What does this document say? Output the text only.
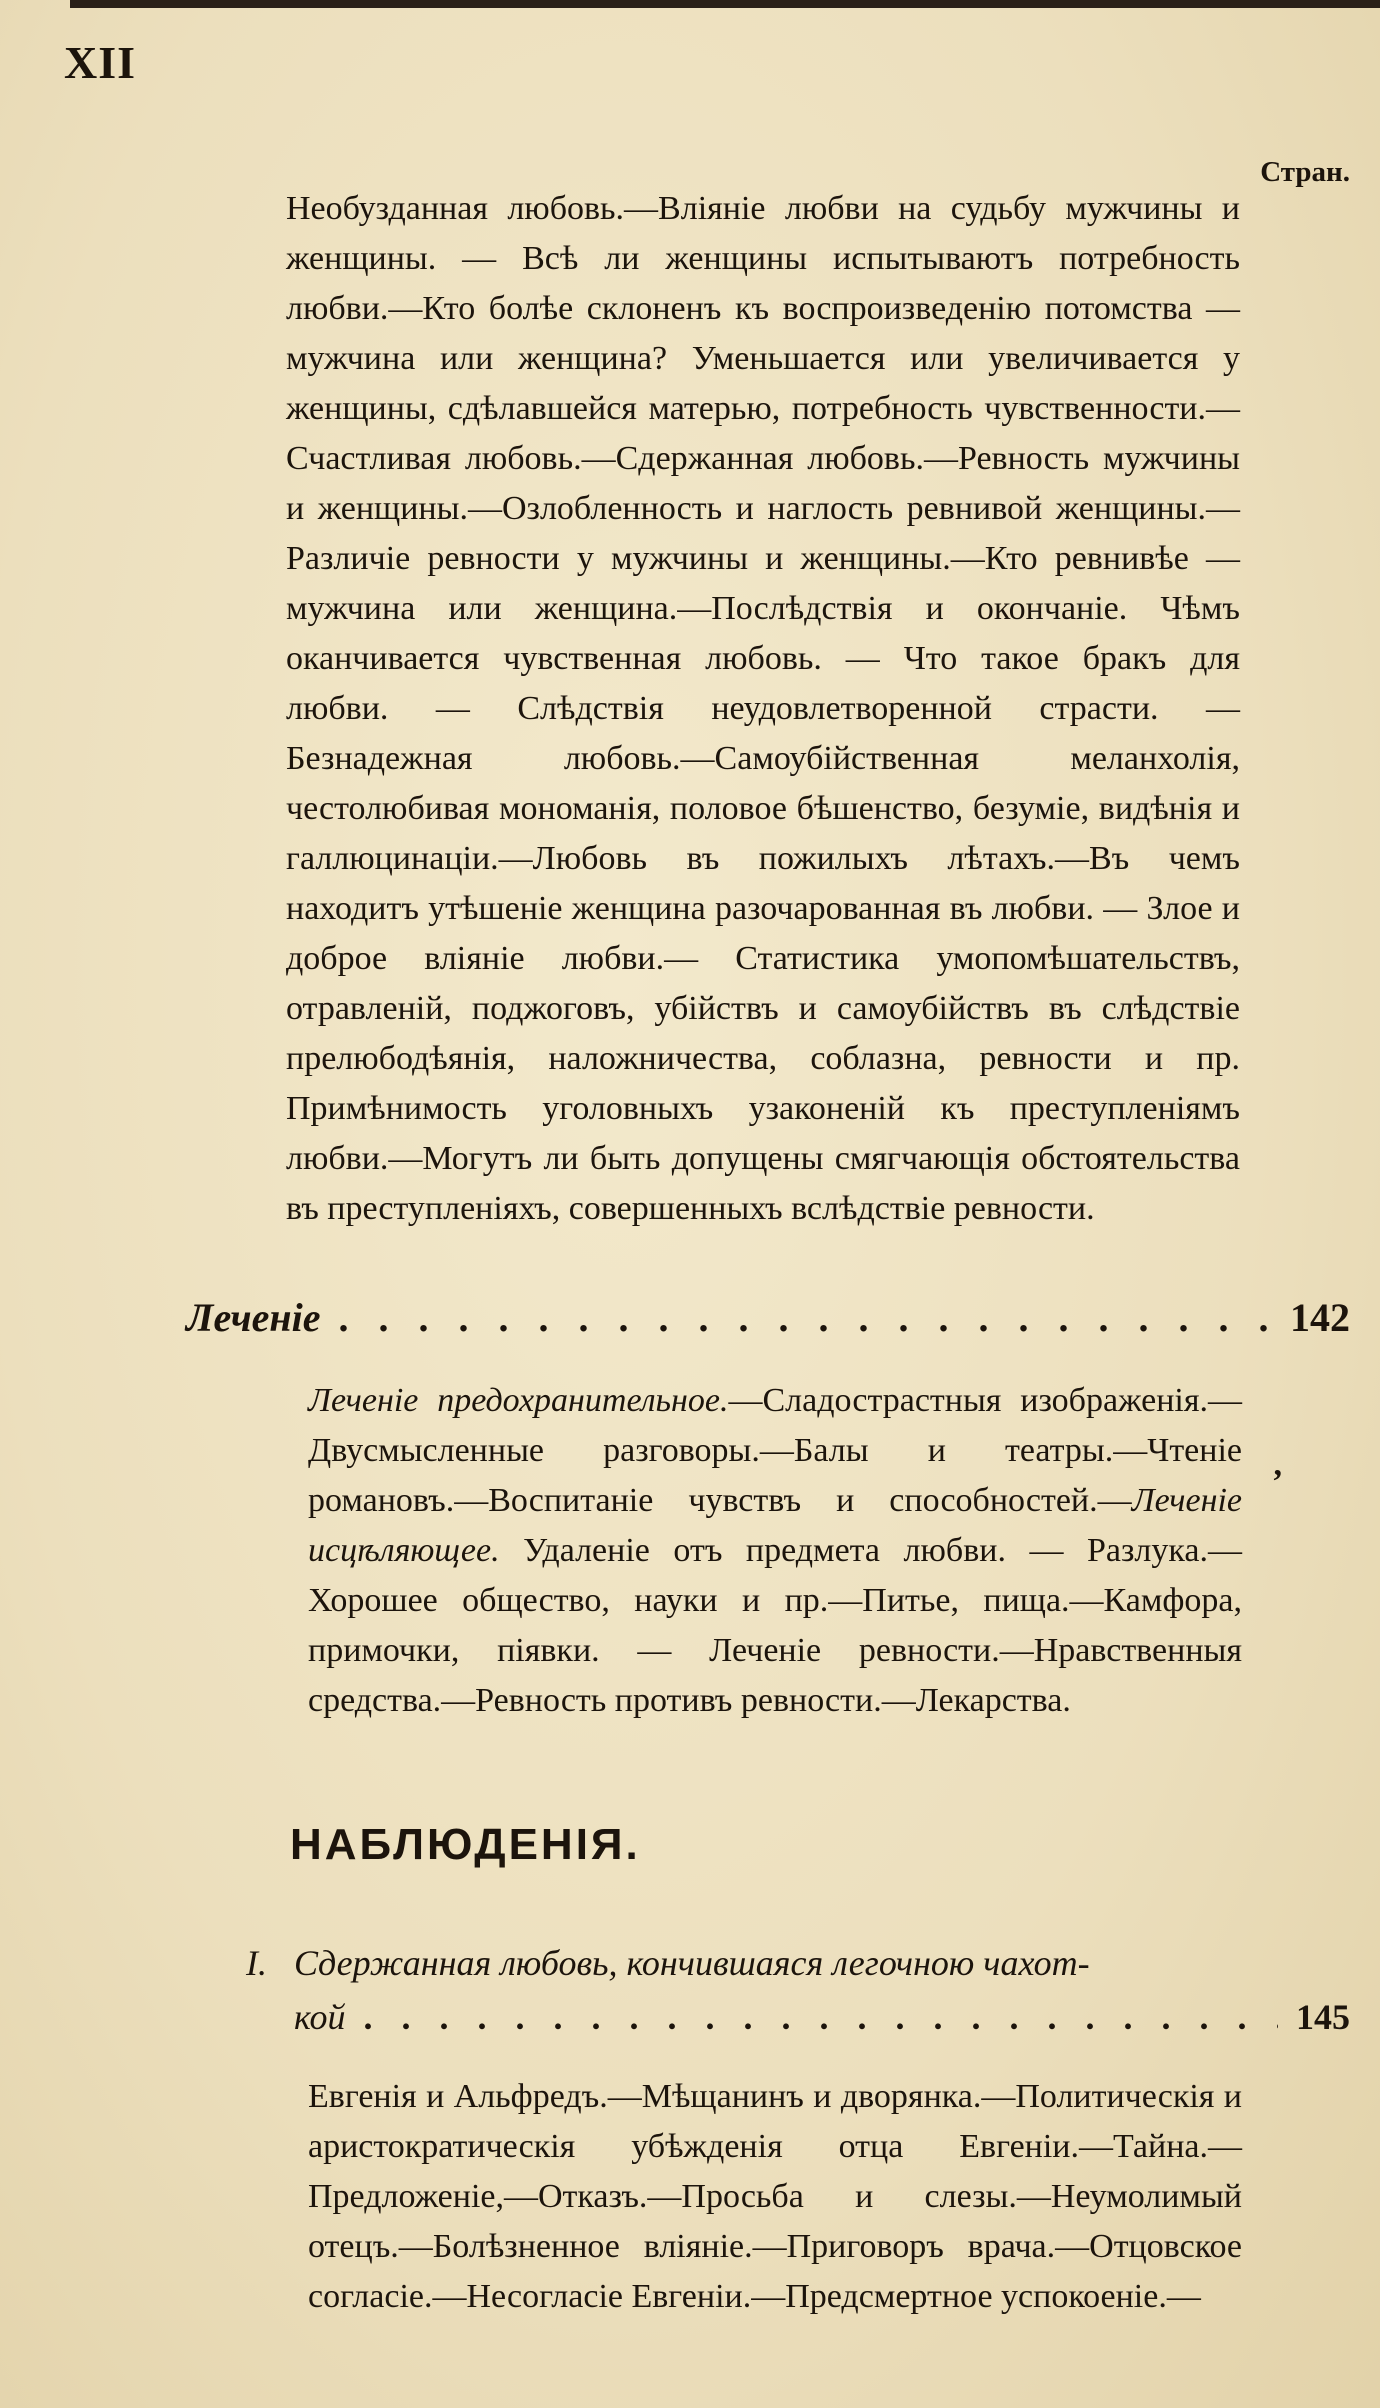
XII
Стран.

Необузданная любовь.—Вліяніе любви на судьбу мужчины и женщины. — Всѣ ли женщины испытываютъ потребность любви.—Кто болѣе склоненъ къ воспроизведенію потомства — мужчина или женщина? Уменьшается или увеличивается у женщины, сдѣлавшейся матерью, потребность чувственности.—Счастливая любовь.—Сдержанная любовь.—Ревность мужчины и женщины.—Озлобленность и наглость ревнивой женщины.—Различіе ревности у мужчины и женщины.—Кто ревнивѣе — мужчина или женщина.—Послѣдствія и окончаніе. Чѣмъ оканчивается чувственная любовь. — Что такое бракъ для любви. — Слѣдствія неудовлетворенной страсти. — Безнадежная любовь.—Самоубійственная меланхолія, честолюбивая мономанія, половое бѣшенство, безуміе, видѣнія и галлюцинаціи.—Любовь въ пожилыхъ лѣтахъ.—Въ чемъ находитъ утѣшеніе женщина разочарованная въ любви. — Злое и доброе вліяніе любви.— Статистика умопомѣшательствъ, отравленій, поджоговъ, убійствъ и самоубійствъ въ слѣдствіе прелюбодѣянія, наложничества, соблазна, ревности и пр. Примѣнимость уголовныхъ узаконеній къ преступленіямъ любви.—Могутъ ли быть допущены смягчающія обстоятельства въ преступленіяхъ, совершенныхъ вслѣдствіе ревности.

Леченіе . . .	142

Леченіе предохранительное.—Сладострастныя изображенія.—Двусмысленные разговоры.—Балы и театры.—Чтеніе романовъ.—Воспитаніе чувствъ и способностей.—Леченіе исцѣляющее. Удаленіе отъ предмета любви. — Разлука.—Хорошее общество, науки и пр.—Питье, пища.—Камфора, примочки, піявки. — Леченіе ревности.—Нравственныя средства.—Ревность противъ ревности.—Лекарства.

,
НАБЛЮДЕНІЯ.
I. Сдержанная любовь, кончившаяся легочною чахот-
кой . . .	145

Евгенія и Альфредъ.—Мѣщанинъ и дворянка.—Политическія и аристократическія убѣжденія отца Евгеніи.—Тайна.—Предложеніе,—Отказъ.—Просьба и слезы.—Неумолимый отецъ.—Болѣзненное вліяніе.—Приговоръ врача.—Отцовское согласіе.—Несогласіе Евгеніи.—Предсмертное успокоеніе.—
